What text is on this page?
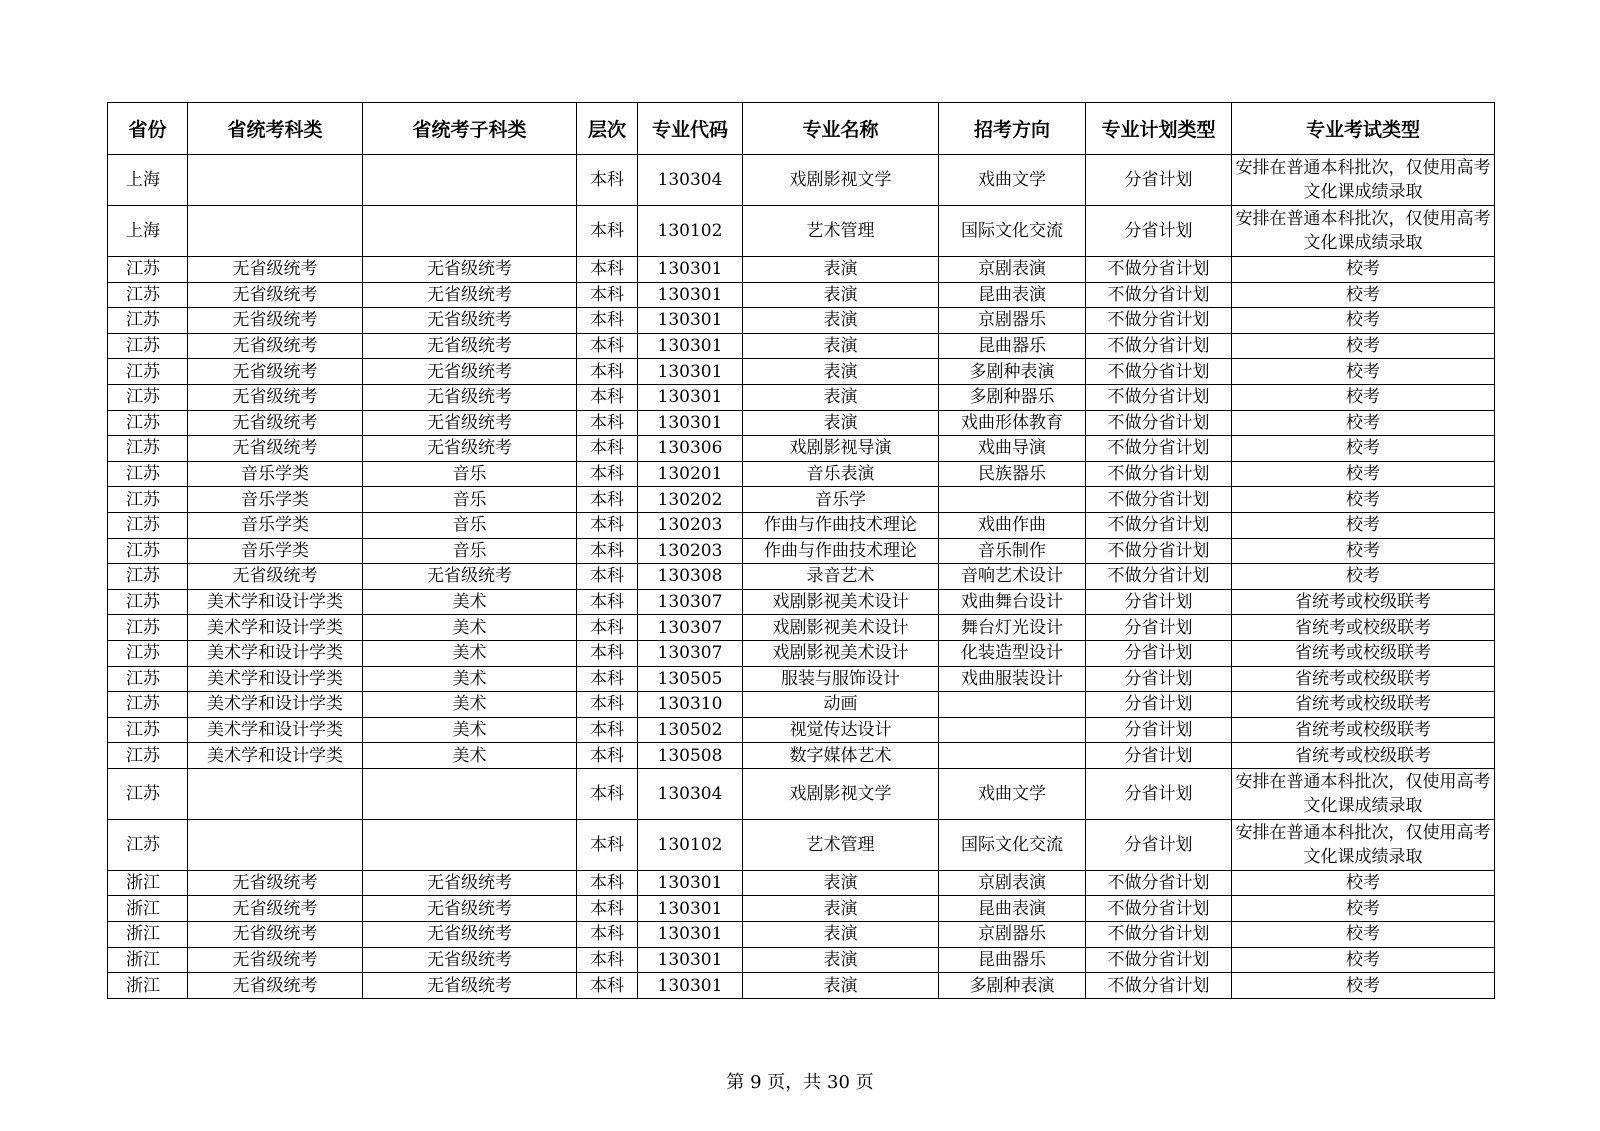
省份	省统考科类	省统考子科类	层次	专业代码	专业名称	招考方向	专业计划类型	专业考试类型
上海			本科	130304	戏剧影视文学	戏曲文学	分省计划	安排在普通本科批次，仅使用高考文化课成绩录取
上海			本科	130102	艺术管理	国际文化交流	分省计划	安排在普通本科批次，仅使用高考文化课成绩录取
江苏	无省级统考	无省级统考	本科	130301	表演	京剧表演	不做分省计划	校考
江苏	无省级统考	无省级统考	本科	130301	表演	昆曲表演	不做分省计划	校考
江苏	无省级统考	无省级统考	本科	130301	表演	京剧器乐	不做分省计划	校考
江苏	无省级统考	无省级统考	本科	130301	表演	昆曲器乐	不做分省计划	校考
江苏	无省级统考	无省级统考	本科	130301	表演	多剧种表演	不做分省计划	校考
江苏	无省级统考	无省级统考	本科	130301	表演	多剧种器乐	不做分省计划	校考
江苏	无省级统考	无省级统考	本科	130301	表演	戏曲形体教育	不做分省计划	校考
江苏	无省级统考	无省级统考	本科	130306	戏剧影视导演	戏曲导演	不做分省计划	校考
江苏	音乐学类	音乐	本科	130201	音乐表演	民族器乐	不做分省计划	校考
江苏	音乐学类	音乐	本科	130202	音乐学		不做分省计划	校考
江苏	音乐学类	音乐	本科	130203	作曲与作曲技术理论	戏曲作曲	不做分省计划	校考
江苏	音乐学类	音乐	本科	130203	作曲与作曲技术理论	音乐制作	不做分省计划	校考
江苏	无省级统考	无省级统考	本科	130308	录音艺术	音响艺术设计	不做分省计划	校考
江苏	美术学和设计学类	美术	本科	130307	戏剧影视美术设计	戏曲舞台设计	分省计划	省统考或校级联考
江苏	美术学和设计学类	美术	本科	130307	戏剧影视美术设计	舞台灯光设计	分省计划	省统考或校级联考
江苏	美术学和设计学类	美术	本科	130307	戏剧影视美术设计	化装造型设计	分省计划	省统考或校级联考
江苏	美术学和设计学类	美术	本科	130505	服装与服饰设计	戏曲服装设计	分省计划	省统考或校级联考
江苏	美术学和设计学类	美术	本科	130310	动画		分省计划	省统考或校级联考
江苏	美术学和设计学类	美术	本科	130502	视觉传达设计		分省计划	省统考或校级联考
江苏	美术学和设计学类	美术	本科	130508	数字媒体艺术		分省计划	省统考或校级联考
江苏			本科	130304	戏剧影视文学	戏曲文学	分省计划	安排在普通本科批次，仅使用高考文化课成绩录取
江苏			本科	130102	艺术管理	国际文化交流	分省计划	安排在普通本科批次，仅使用高考文化课成绩录取
浙江	无省级统考	无省级统考	本科	130301	表演	京剧表演	不做分省计划	校考
浙江	无省级统考	无省级统考	本科	130301	表演	昆曲表演	不做分省计划	校考
浙江	无省级统考	无省级统考	本科	130301	表演	京剧器乐	不做分省计划	校考
浙江	无省级统考	无省级统考	本科	130301	表演	昆曲器乐	不做分省计划	校考
浙江	无省级统考	无省级统考	本科	130301	表演	多剧种表演	不做分省计划	校考
第 9 页，共 30 页
